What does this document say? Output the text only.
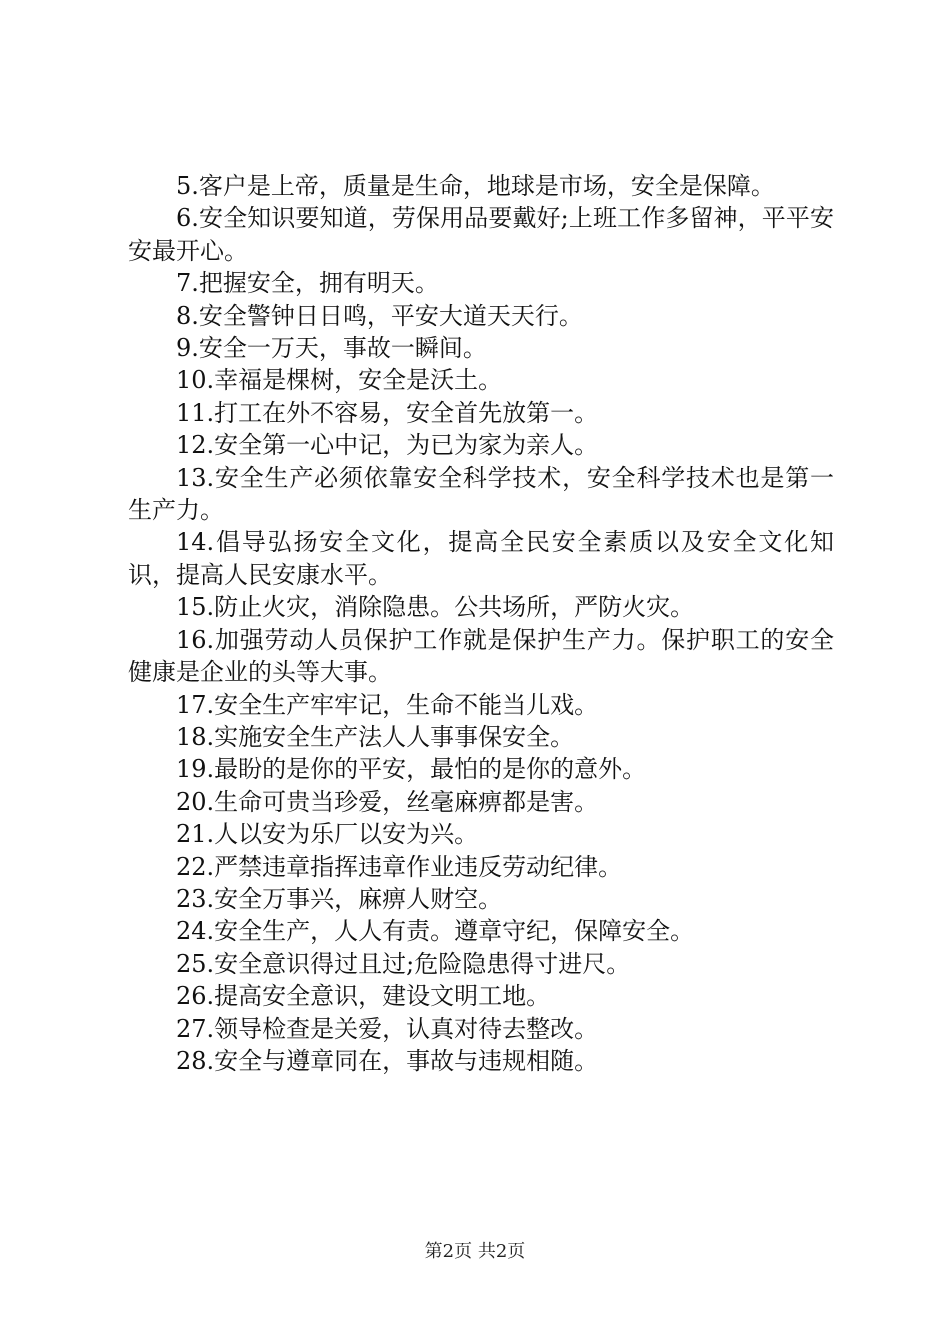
5.客户是上帝，质量是生命，地球是市场，安全是保障。

6.安全知识要知道，劳保用品要戴好;上班工作多留神，平平安安最开心。

7.把握安全，拥有明天。

8.安全警钟日日鸣，平安大道天天行。

9.安全一万天，事故一瞬间。

10.幸福是棵树，安全是沃土。

11.打工在外不容易，安全首先放第一。

12.安全第一心中记，为已为家为亲人。

13.安全生产必须依靠安全科学技术，安全科学技术也是第一生产力。

14.倡导弘扬安全文化，提高全民安全素质以及安全文化知识，提高人民安康水平。

15.防止火灾，消除隐患。公共场所，严防火灾。

16.加强劳动人员保护工作就是保护生产力。保护职工的安全健康是企业的头等大事。

17.安全生产牢牢记，生命不能当儿戏。

18.实施安全生产法人人事事保安全。

19.最盼的是你的平安，最怕的是你的意外。

20.生命可贵当珍爱，丝毫麻痹都是害。

21.人以安为乐厂以安为兴。

22.严禁违章指挥违章作业违反劳动纪律。

23.安全万事兴，麻痹人财空。

24.安全生产，人人有责。遵章守纪，保障安全。

25.安全意识得过且过;危险隐患得寸进尺。

26.提高安全意识，建设文明工地。

27.领导检查是关爱，认真对待去整改。

28.安全与遵章同在，事故与违规相随。

第2页 共2页
